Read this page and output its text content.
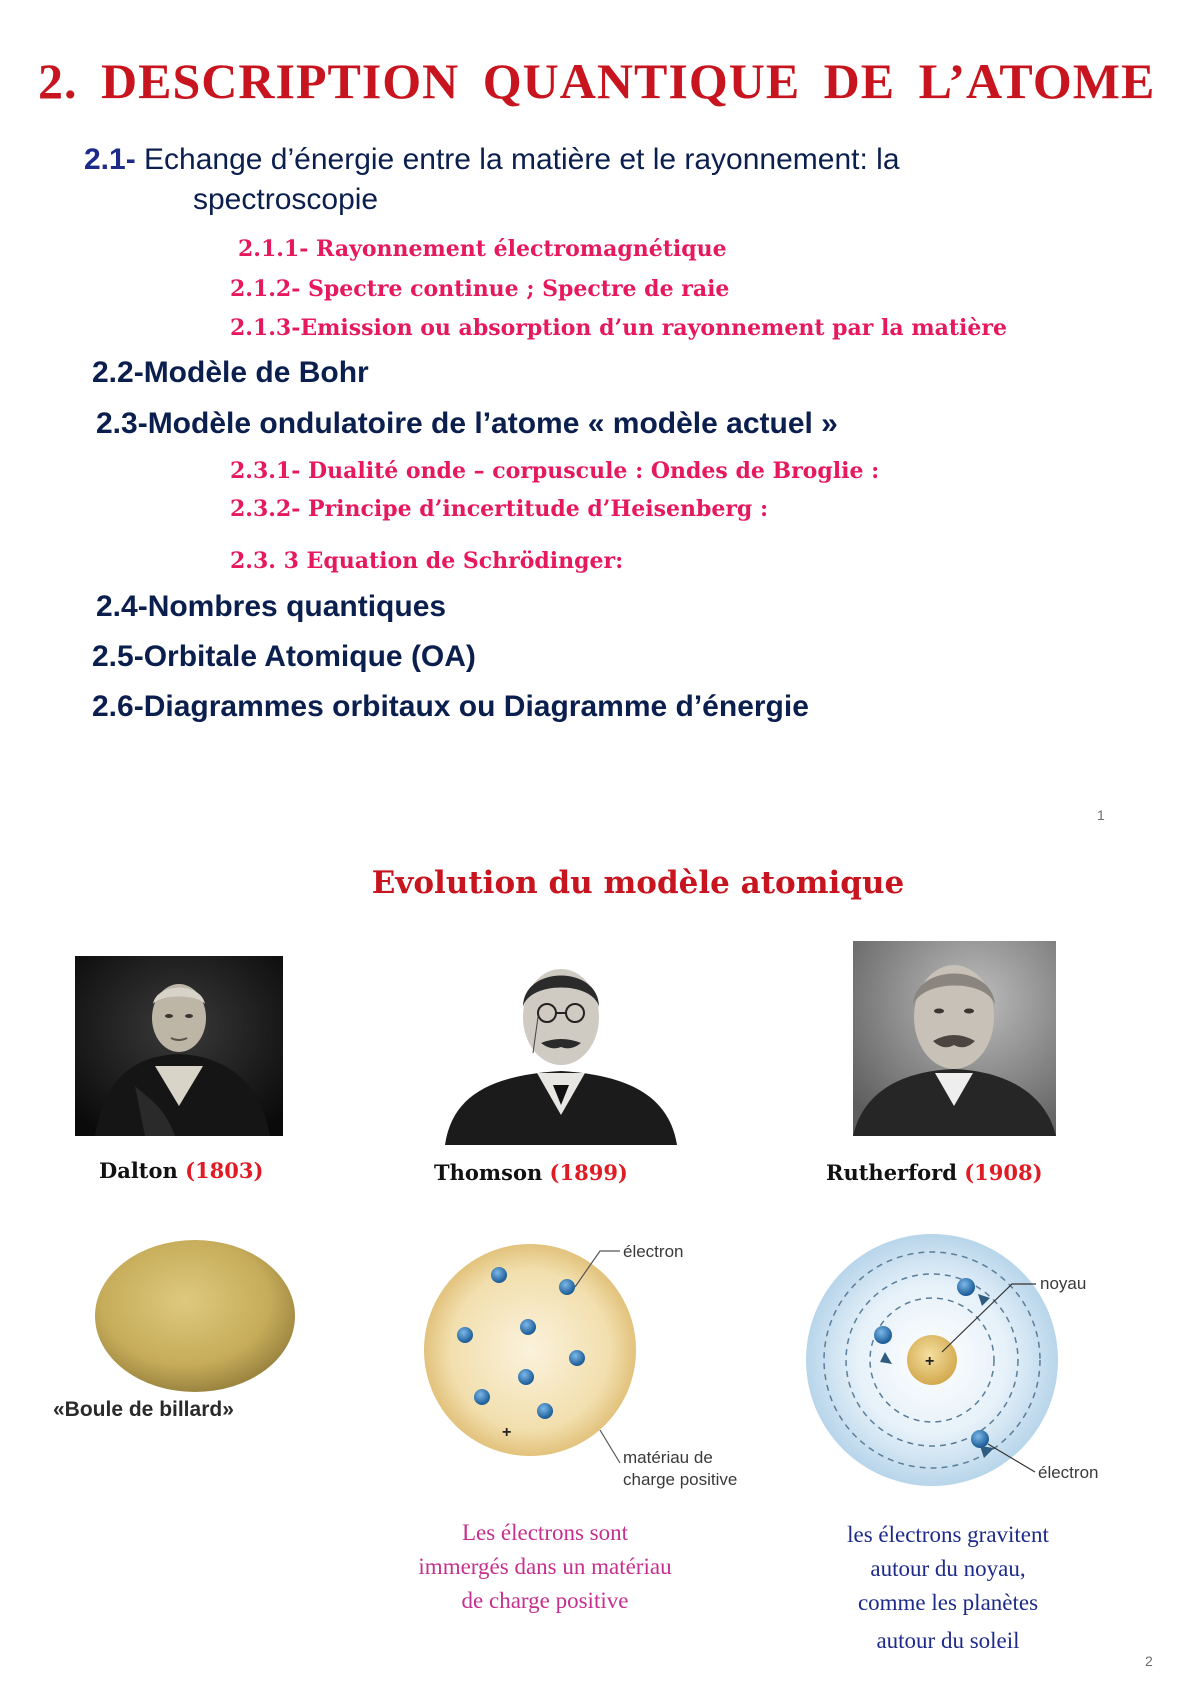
2. DESCRIPTION QUANTIQUE DE L’ATOME
2.1- Echange d’énergie entre la matière et le rayonnement: la
spectroscopie
2.1.1- Rayonnement électromagnétique
2.1.2- Spectre continue ; Spectre de raie
2.1.3-Emission ou absorption d’un rayonnement par la matière
2.2-Modèle de Bohr
2.3-Modèle ondulatoire de l’atome « modèle actuel »
2.3.1- Dualité onde – corpuscule : Ondes de Broglie :
2.3.2- Principe d’incertitude d’Heisenberg :
2.3. 3 Equation de Schrödinger:
2.4-Nombres quantiques
2.5-Orbitale Atomique (OA)
2.6-Diagrammes orbitaux ou Diagramme d’énergie
1
Evolution du modèle atomique
Dalton (1803)	Thomson (1899)	Rutherford (1908)
«Boule de billard»
+
électron
matériau de
charge positive
+
noyau
électron
Les électrons sont
immergés dans un matériau
de charge positive
les électrons gravitent
autour du noyau,
comme les planètes
autour du soleil
2
